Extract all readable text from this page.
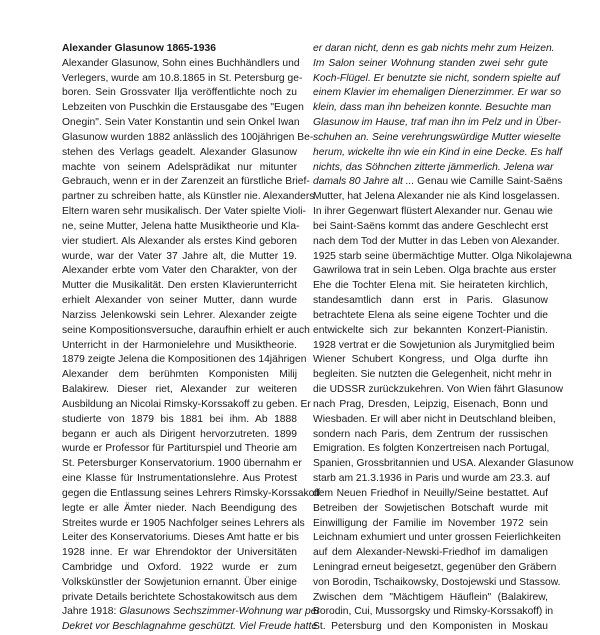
Alexander Glasunow 1865-1936
Alexander Glasunow, Sohn eines Buchhändlers und
Verlegers, wurde am 10.8.1865 in St. Petersburg ge-
boren. Sein Grossvater Ilja veröffentlichte noch zu
Lebzeiten von Puschkin die Erstausgabe des "Eugen
Onegin". Sein Vater Konstantin und sein Onkel Iwan
Glasunow wurden 1882 anlässlich des 100jährigen Be-
stehen des Verlags geadelt. Alexander Glasunow
machte von seinem Adelsprädikat nur mitunter
Gebrauch, wenn er in der Zarenzeit an fürstliche Brief-
partner zu schreiben hatte, als Künstler nie. Alexanders
Eltern waren sehr musikalisch. Der Vater spielte Violi-
ne, seine Mutter, Jelena hatte Musiktheorie und Kla-
vier studiert. Als Alexander als erstes Kind geboren
wurde, war der Vater 37 Jahre alt, die Mutter 19.
Alexander erbte vom Vater den Charakter, von der
Mutter die Musikalität. Den ersten Klavierunterricht
erhielt Alexander von seiner Mutter, dann wurde
Narziss Jelenkowski sein Lehrer. Alexander zeigte
seine Kompositionsversuche, daraufhin erhielt er auch
Unterricht in der Harmonielehre und Musiktheorie.
1879 zeigte Jelena die Kompositionen des 14jährigen
Alexander dem berühmten Komponisten Milij
Balakirew. Dieser riet, Alexander zur weiteren
Ausbildung an Nicolai Rimsky-Korssakoff zu geben. Er
studierte von 1879 bis 1881 bei ihm. Ab 1888
begann er auch als Dirigent hervorzutreten. 1899
wurde er Professor für Partiturspiel und Theorie am
St. Petersburger Konservatorium. 1900 übernahm er
eine Klasse für Instrumentationslehre. Aus Protest
gegen die Entlassung seines Lehrers Rimsky-Korssakoff
legte er alle Ämter nieder. Nach Beendigung des
Streites wurde er 1905 Nachfolger seines Lehrers als
Leiter des Konservatoriums. Dieses Amt hatte er bis
1928 inne. Er war Ehrendoktor der Universitäten
Cambridge und Oxford. 1922 wurde er zum
Volkskünstler der Sowjetunion ernannt. Über einige
private Details berichtete Schostakowitsch aus dem
Jahre 1918: Glasunows Sechszimmer-Wohnung war per
Dekret vor Beschlagnahme geschützt. Viel Freude hatte
er daran nicht, denn es gab nichts mehr zum Heizen.
Im Salon seiner Wohnung standen zwei sehr gute
Koch-Flügel. Er benutzte sie nicht, sondern spielte auf
einem Klavier im ehemaligen Dienerzimmer. Er war so
klein, dass man ihn beheizen konnte. Besuchte man
Glasunow im Hause, traf man ihn im Pelz und in Über-
schuhen an. Seine verehrungswürdige Mutter wieselte
herum, wickelte ihn wie ein Kind in eine Decke. Es half
nichts, das Söhnchen zitterte jämmerlich. Jelena war
damals 80 Jahre alt ... Genau wie Camille Saint-Saëns
Mutter, hat Jelena Alexander nie als Kind losgelassen.
In ihrer Gegenwart flüstert Alexander nur. Genau wie
bei Saint-Saëns kommt das andere Geschlecht erst
nach dem Tod der Mutter in das Leben von Alexander.
1925 starb seine übermächtige Mutter. Olga Nikolajewna
Gawrilowa trat in sein Leben. Olga brachte aus erster
Ehe die Tochter Elena mit. Sie heirateten kirchlich,
standesamtlich dann erst in Paris. Glasunow
betrachtete Elena als seine eigene Tochter und die
entwickelte sich zur bekannten Konzert-Pianistin.
1928 vertrat er die Sowjetunion als Jurymitglied beim
Wiener Schubert Kongress, und Olga durfte ihn
begleiten. Sie nutzten die Gelegenheit, nicht mehr in
die UDSSR zurückzukehren. Von Wien fährt Glasunow
nach Prag, Dresden, Leipzig, Eisenach, Bonn und
Wiesbaden. Er will aber nicht in Deutschland bleiben,
sondern nach Paris, dem Zentrum der russischen
Emigration. Es folgten Konzertreisen nach Portugal,
Spanien, Grossbritannien und USA. Alexander Glasunow
starb am 21.3.1936 in Paris und wurde am 23.3. auf
dem Neuen Friedhof in Neuilly/Seine bestattet. Auf
Betreiben der Sowjetischen Botschaft wurde mit
Einwilligung der Familie im November 1972 sein
Leichnam exhumiert und unter grossen Feierlichkeiten
auf dem Alexander-Newski-Friedhof im damaligen
Leningrad erneut beigesetzt, gegenüber den Gräbern
von Borodin, Tschaikowsky, Dostojewski und Stassow.
Zwischen dem "Mächtigem Häuflein" (Balakirew,
Borodin, Cui, Mussorgsky und Rimsky-Korssakoff) in
St. Petersburg und den Komponisten in Moskau
